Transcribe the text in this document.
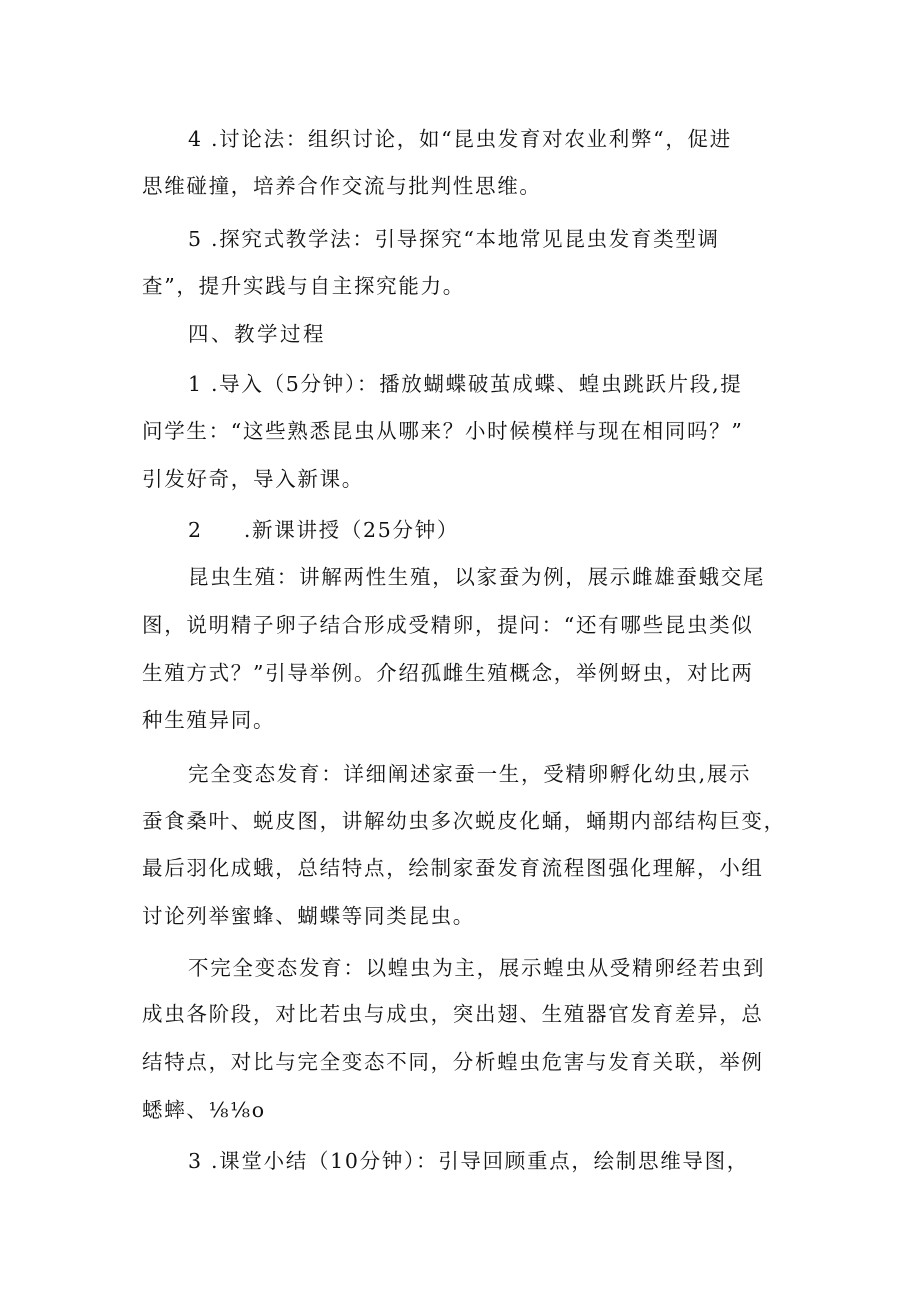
4 .讨论法：组织讨论，如“昆虫发育对农业利弊“，促进
思维碰撞，培养合作交流与批判性思维。
5 .探究式教学法：引导探究“本地常见昆虫发育类型调
查”，提升实践与自主探究能力。
四、教学过程
1 .导入（5分钟）：播放蝴蝶破茧成蝶、蝗虫跳跃片段,提
问学生：“这些熟悉昆虫从哪来？小时候模样与现在相同吗？”
引发好奇，导入新课。
2     .新课讲授（25分钟）
昆虫生殖：讲解两性生殖，以家蚕为例，展示雌雄蚕蛾交尾
图，说明精子卵子结合形成受精卵，提问：“还有哪些昆虫类似
生殖方式？”引导举例。介绍孤雌生殖概念，举例蚜虫，对比两
种生殖异同。
完全变态发育：详细阐述家蚕一生，受精卵孵化幼虫,展示
蚕食桑叶、蜕皮图，讲解幼虫多次蜕皮化蛹，蛹期内部结构巨变，
最后羽化成蛾，总结特点，绘制家蚕发育流程图强化理解，小组
讨论列举蜜蜂、蝴蝶等同类昆虫。
不完全变态发育：以蝗虫为主，展示蝗虫从受精卵经若虫到
成虫各阶段，对比若虫与成虫，突出翅、生殖器官发育差异，总
结特点，对比与完全变态不同，分析蝗虫危害与发育关联，举例
蟋蟀、⅛⅛o
3 .课堂小结（10分钟）：引导回顾重点，绘制思维导图，
